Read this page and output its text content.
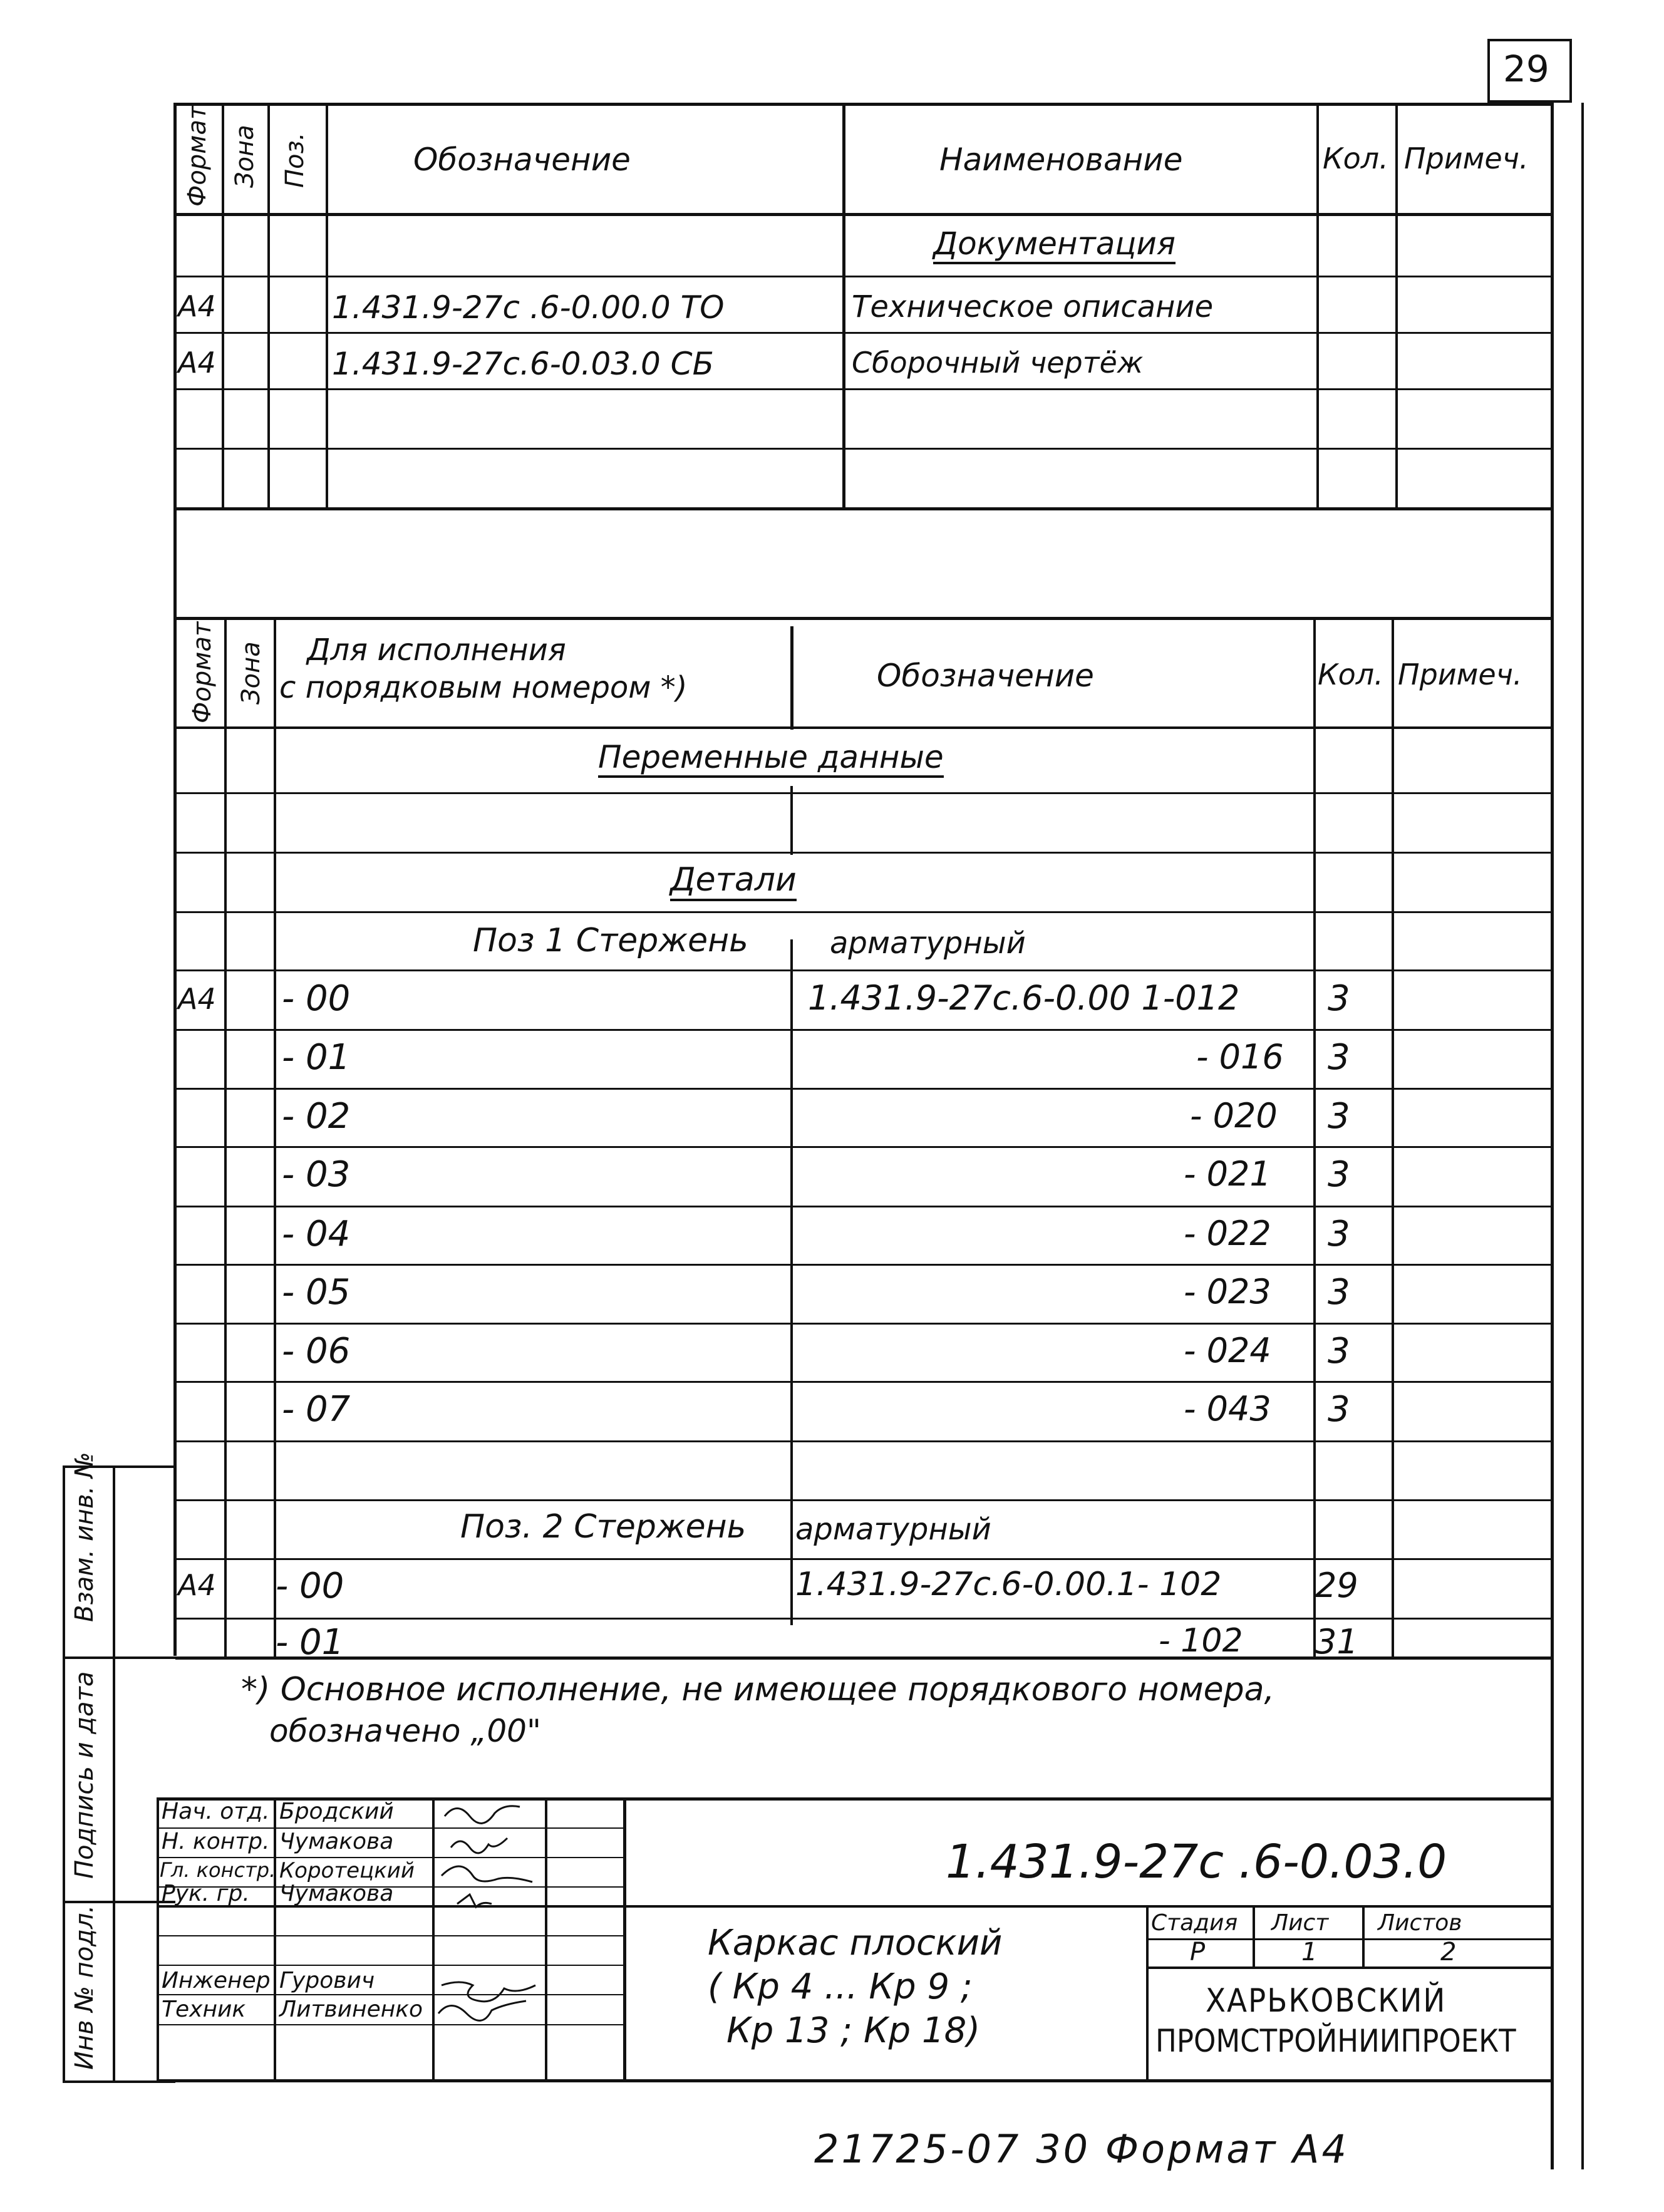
29
Формат Зона Поз.	Обозначение	Наименование	Кол. Примеч.
Документация
А4	1.431.9-27с .6-0.00.0 ТО	Техническое описание
А4	1.431.9-27с.6-0.03.0 СБ	Сборочный чертёж
Формат Зона Для исполнения
с порядковым номером *)	Обозначение	Кол. Примеч.
Переменные данные
Детали
Поз 1 Стержень	арматурный
А4 - 00	1.431.9-27с.6-0.00 1-012	3
- 01	- 016 3
- 02	- 020 3
- 03	- 021 3
- 04	- 022 3
- 05	- 023 3
- 06	- 024 3
- 07	- 043 3
Поз. 2 Стержень арматурный
А4 - 00	1.431.9-27с.6-0.00.1- 102	29
- 01	- 102 31
*) Основное исполнение, не имеющее порядкового номера,
обозначено „00"
Взам. инв. №
Подпись и дата
Инв № подл.
Нач. отд. Бродский
Н. контр. Чумакова
Гл. констр. Коротецкий
Рук. гр. Чумакова
Инженер Гурович
Техник Литвиненко
1.431.9-27с .6-0.03.0
Каркас плоский
( Кр 4 ... Кр 9 ;
Кр 13 ; Кр 18)
Стадия Лист Листов
Р	1	2
ХАРЬКОВСКИЙ
ПРОМСТРОЙНИИПРОЕКТ
21725-07 30 Формат А4
